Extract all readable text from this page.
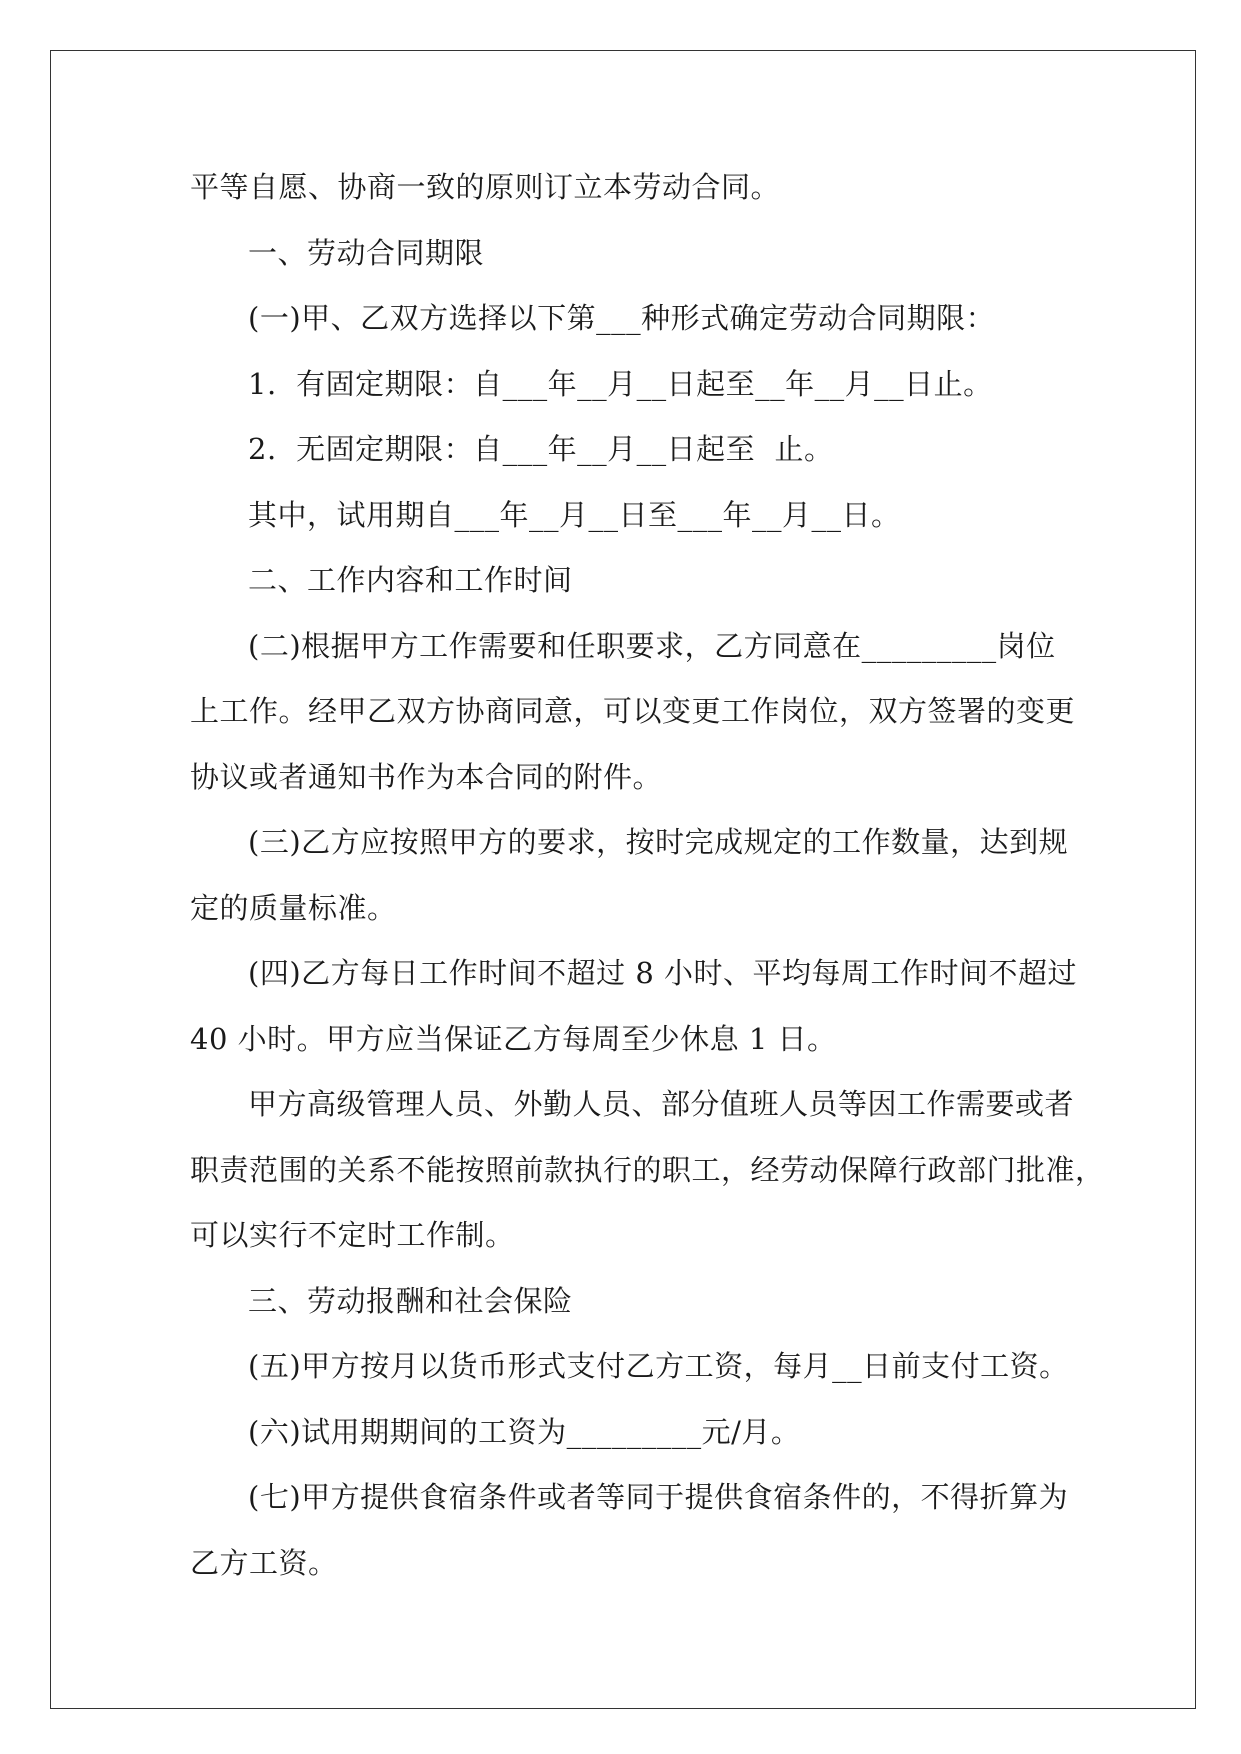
平等自愿、协商一致的原则订立本劳动合同。
一、劳动合同期限
(一)甲、乙双方选择以下第___种形式确定劳动合同期限：
1.  有固定期限：自___年__月__日起至__年__月__日止。
2.  无固定期限：自___年__月__日起至  止。
其中，试用期自___年__月__日至___年__月__日。
二、工作内容和工作时间
(二)根据甲方工作需要和任职要求，乙方同意在_________岗位
上工作。经甲乙双方协商同意，可以变更工作岗位，双方签署的变更
协议或者通知书作为本合同的附件。
(三)乙方应按照甲方的要求，按时完成规定的工作数量，达到规
定的质量标准。
(四)乙方每日工作时间不超过 8 小时、平均每周工作时间不超过
40 小时。甲方应当保证乙方每周至少休息 1 日。
甲方高级管理人员、外勤人员、部分值班人员等因工作需要或者
职责范围的关系不能按照前款执行的职工，经劳动保障行政部门批准，
可以实行不定时工作制。
三、劳动报酬和社会保险
(五)甲方按月以货币形式支付乙方工资，每月__日前支付工资。
(六)试用期期间的工资为_________元/月。
(七)甲方提供食宿条件或者等同于提供食宿条件的，不得折算为
乙方工资。
